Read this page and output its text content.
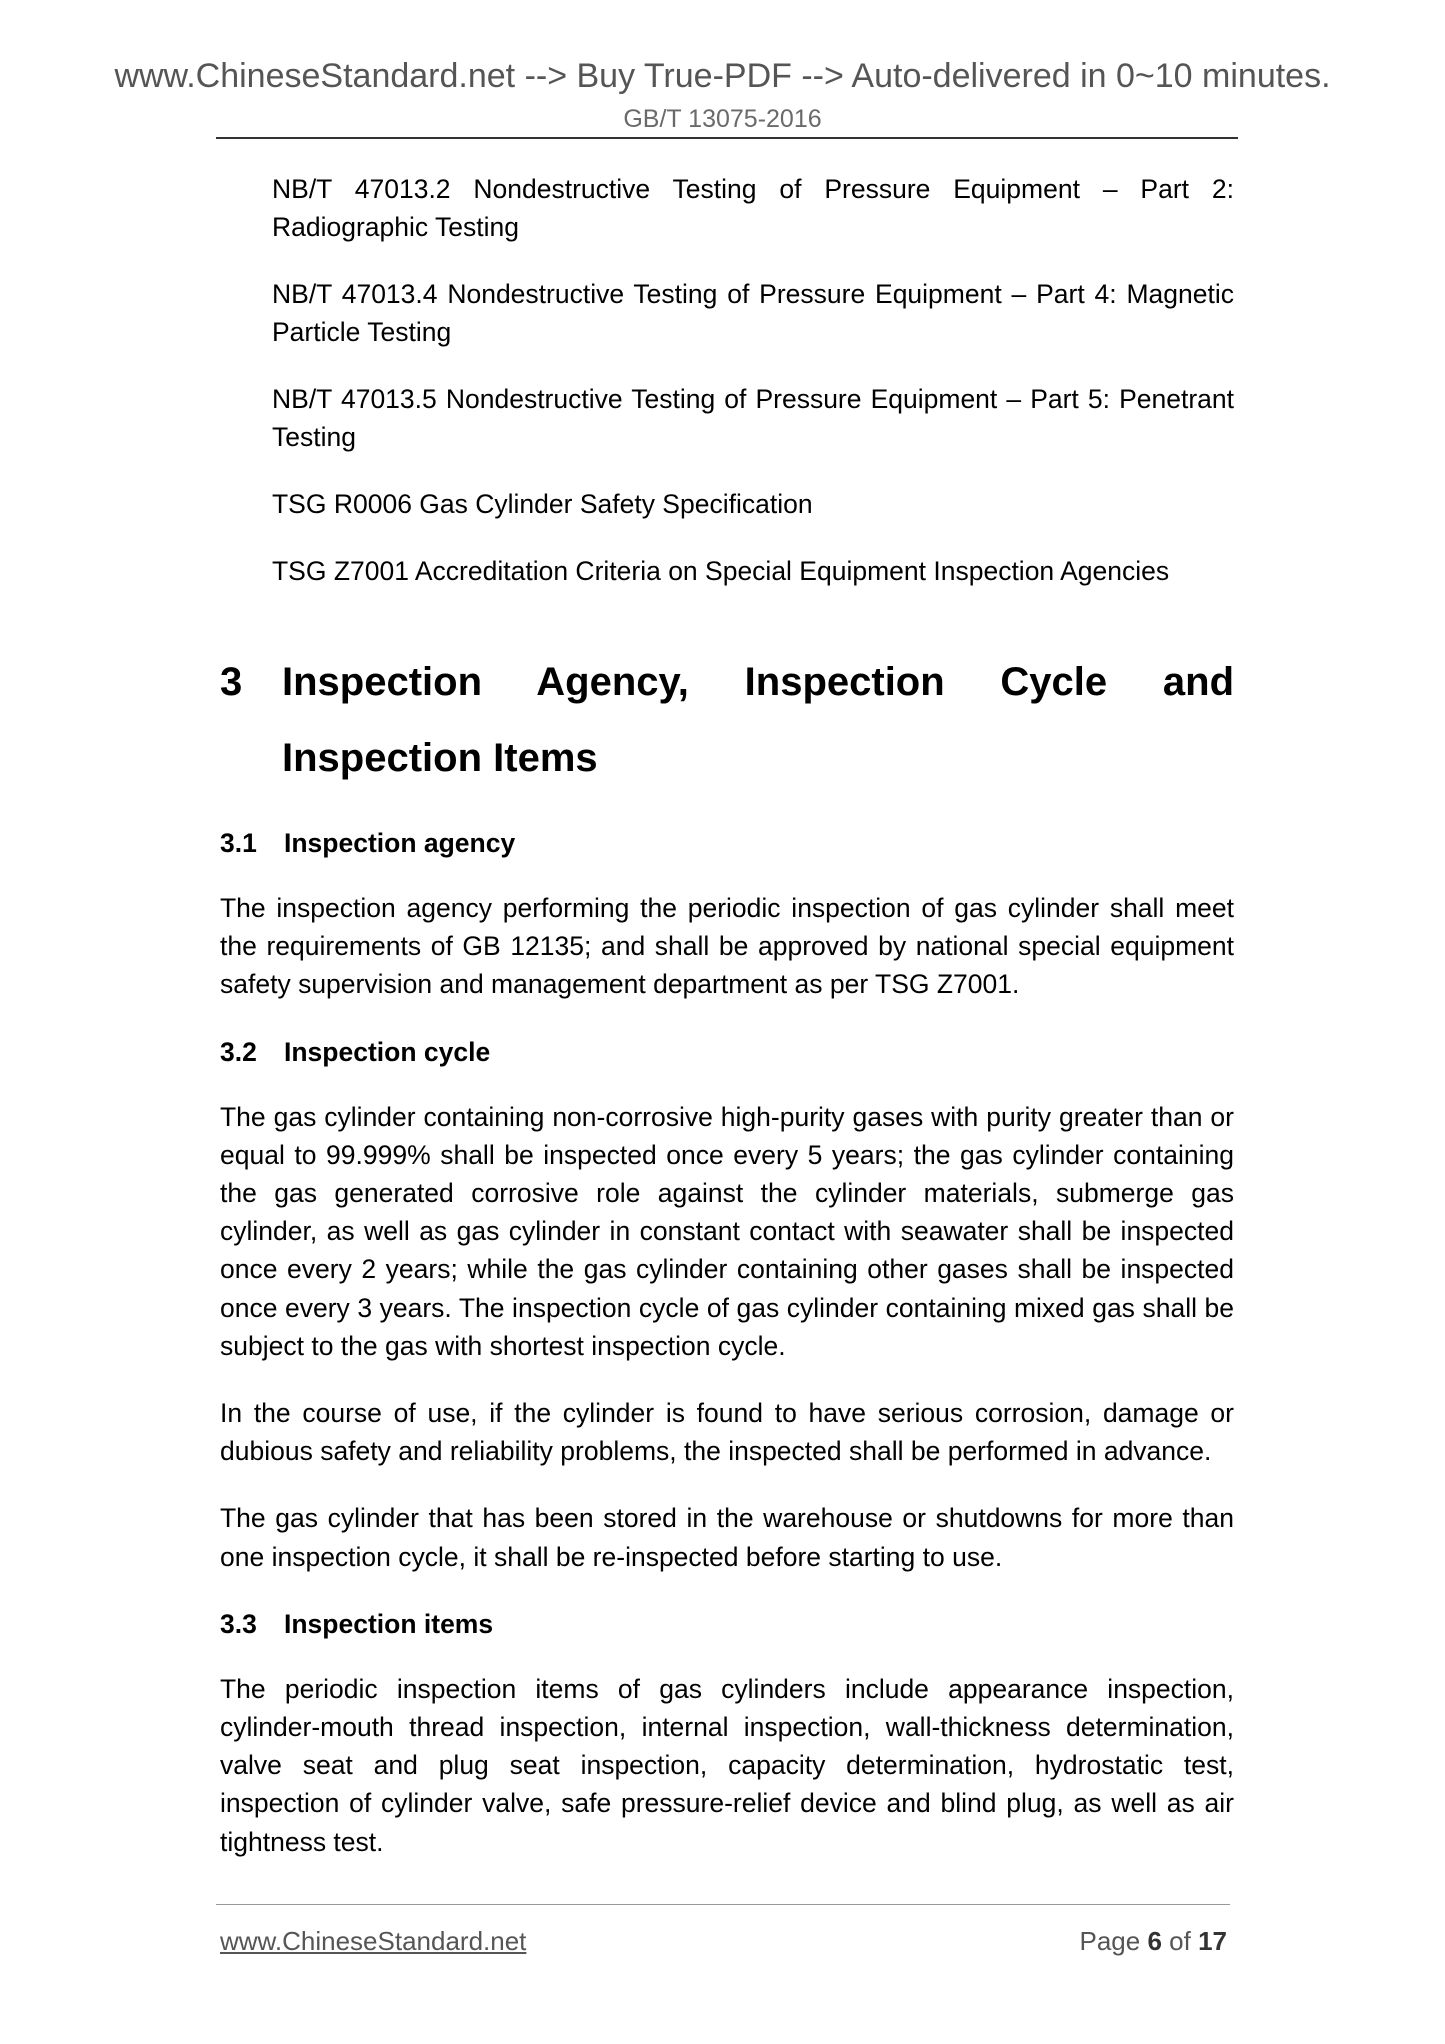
www.ChineseStandard.net --> Buy True-PDF --> Auto-delivered in 0~10 minutes.
GB/T 13075-2016

NB/T 47013.2 Nondestructive Testing of Pressure Equipment – Part 2: Radiographic Testing

NB/T 47013.4 Nondestructive Testing of Pressure Equipment – Part 4: Magnetic Particle Testing

NB/T 47013.5 Nondestructive Testing of Pressure Equipment – Part 5: Penetrant Testing

TSG R0006 Gas Cylinder Safety Specification

TSG Z7001 Accreditation Criteria on Special Equipment Inspection Agencies

3 Inspection Agency, Inspection Cycle and Inspection Items
3.1	Inspection agency

The inspection agency performing the periodic inspection of gas cylinder shall meet the requirements of GB 12135; and shall be approved by national special equipment safety supervision and management department as per TSG Z7001.

3.2	Inspection cycle

The gas cylinder containing non-corrosive high-purity gases with purity greater than or equal to 99.999% shall be inspected once every 5 years; the gas cylinder containing the gas generated corrosive role against the cylinder materials, submerge gas cylinder, as well as gas cylinder in constant contact with seawater shall be inspected once every 2 years; while the gas cylinder containing other gases shall be inspected once every 3 years. The inspection cycle of gas cylinder containing mixed gas shall be subject to the gas with shortest inspection cycle.

In the course of use, if the cylinder is found to have serious corrosion, damage or dubious safety and reliability problems, the inspected shall be performed in advance.

The gas cylinder that has been stored in the warehouse or shutdowns for more than one inspection cycle, it shall be re-inspected before starting to use.

3.3	Inspection items

The periodic inspection items of gas cylinders include appearance inspection, cylinder-mouth thread inspection, internal inspection, wall-thickness determination, valve seat and plug seat inspection, capacity determination, hydrostatic test, inspection of cylinder valve, safe pressure-relief device and blind plug, as well as air tightness test.

www.ChineseStandard.net	Page 6 of 17
